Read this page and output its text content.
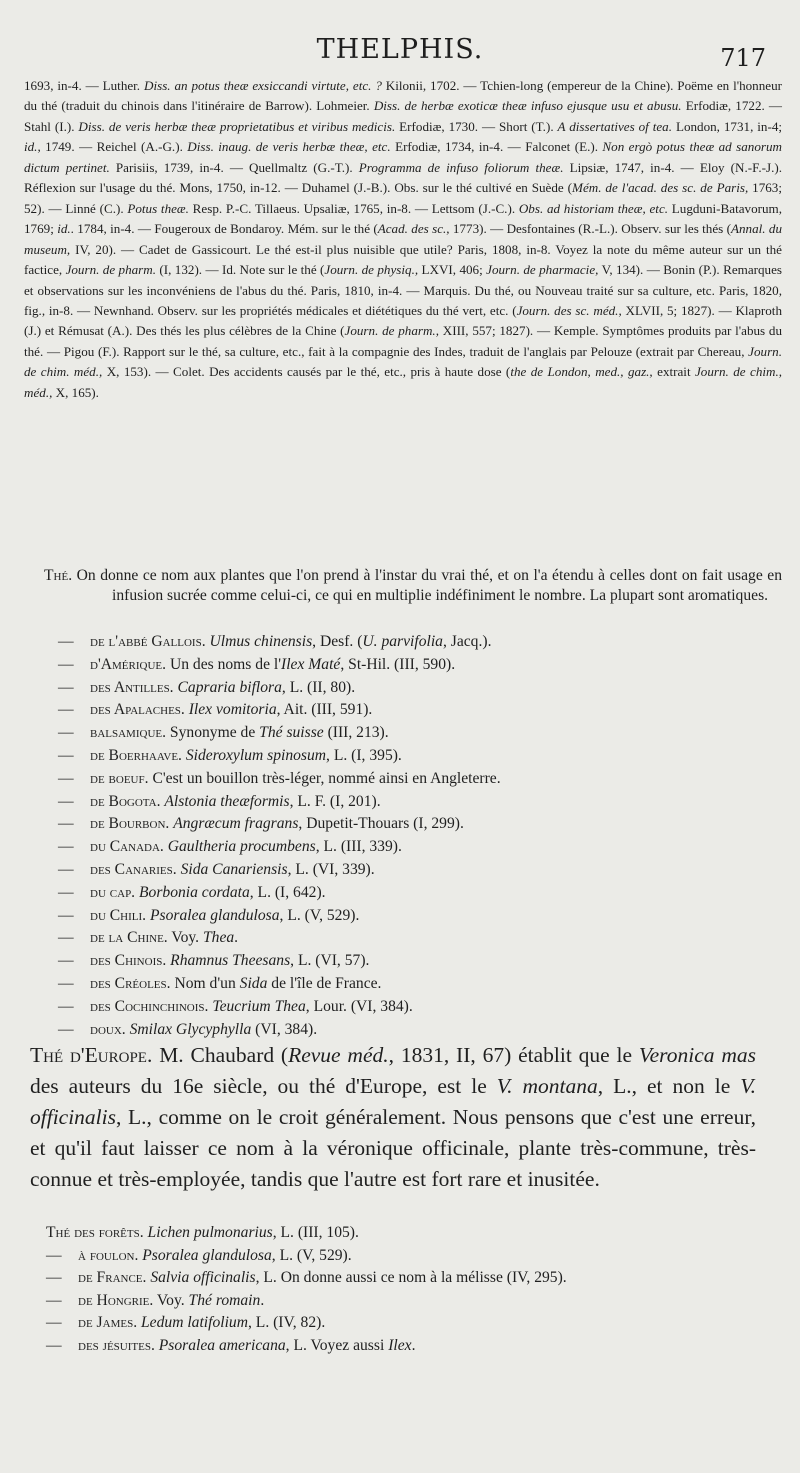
THELPHIS.	717
1693, in-4. — Luther. Diss. an potus theæ exsiccandi virtute, etc. ? Kilonii, 1702. — Tchien-long (empereur de la Chine). Poëme en l'honneur du thé (traduit du chinois dans l'itinéraire de Barrow). Lohmeier. Diss. de herbæ exoticæ theæ infuso ejusque usu et abusu. Erfodiæ, 1722. — Stahl (I.). Diss. de veris herbæ theæ proprietatibus et viribus medicis. Erfodiæ, 1730. — Short (T.). A dissertatives of tea. London, 1731, in-4; id., 1749. — Reichel (A.-G.). Diss. inaug. de veris herbæ theæ, etc. Erfodiæ, 1734, in-4. — Falconet (E.). Non ergò potus theæ ad sanorum dictum pertinet. Parisiis, 1739, in-4. — Quellmaltz (G.-T.). Programma de infuso foliorum theæ. Lipsiæ, 1747, in-4. — Eloy (N.-F.-J.). Réflexion sur l'usage du thé. Mons, 1750, in-12. — Duhamel (J.-B.). Obs. sur le thé cultivé en Suède (Mém. de l'acad. des sc. de Paris, 1763; 52). — Linné (C.). Potus theæ. Resp. P.-C. Tillaeus. Upsaliæ, 1765, in-8. — Lettsom (J.-C.). Obs. ad historiam theæ, etc. Lugduni-Batavorum, 1769; id.. 1784, in-4. — Fougeroux de Bondaroy. Mém. sur le thé (Acad. des sc., 1773). — Desfontaines (R.-L.). Observ. sur les thés (Annal. du museum, IV, 20). — Cadet de Gassicourt. Le thé est-il plus nuisible que utile? Paris, 1808, in-8. Voyez la note du même auteur sur un thé factice, Journ. de pharm. (I, 132). — Id. Note sur le thé (Journ. de physiq., LXVI, 406; Journ. de pharmacie, V, 134). — Bonin (P.). Remarques et observations sur les inconvéniens de l'abus du thé. Paris, 1810, in-4. — Marquis. Du thé, ou Nouveau traité sur sa culture, etc. Paris, 1820, fig., in-8. — Newnhand. Observ. sur les propriétés médicales et diététiques du thé vert, etc. (Journ. des sc. méd., XLVII, 5; 1827). — Klaproth (J.) et Rémusat (A.). Des thés les plus célèbres de la Chine (Journ. de pharm., XIII, 557; 1827). — Kemple. Symptômes produits par l'abus du thé. — Pigou (F.). Rapport sur le thé, sa culture, etc., fait à la compagnie des Indes, traduit de l'anglais par Pelouze (extrait par Chereau, Journ. de chim. méd., X, 153). — Colet. Des accidents causés par le thé, etc., pris à haute dose (the de London, med., gaz., extrait Journ. de chim., méd., X, 165).
Thé. On donne ce nom aux plantes que l'on prend à l'instar du vrai thé, et on l'a étendu à celles dont on fait usage en infusion sucrée comme celui-ci, ce qui en multiplie indéfiniment le nombre. La plupart sont aromatiques.
— de l'abbé Gallois. Ulmus chinensis, Desf. (U. parvifolia, Jacq.).
— d'Amérique. Un des noms de l'Ilex Maté, St-Hil. (III, 590).
— des Antilles. Capraria biflora, L. (II, 80).
— des Apalaches. Ilex vomitoria, Ait. (III, 591).
— balsamique. Synonyme de Thé suisse (III, 213).
— de Boerhaave. Sideroxylum spinosum, L. (I, 395).
— de boeuf. C'est un bouillon très-léger, nommé ainsi en Angleterre.
— de Bogota. Alstonia theæformis, L. F. (I, 201).
— de Bourbon. Angræcum fragrans, Dupetit-Thouars (I, 299).
— du Canada. Gaultheria procumbens, L. (III, 339).
— des Canaries. Sida Canariensis, L. (VI, 339).
— du cap. Borbonia cordata, L. (I, 642).
— du Chili. Psoralea glandulosa, L. (V, 529).
— de la Chine. Voy. Thea.
— des Chinois. Rhamnus Theesans, L. (VI, 57).
— des Créoles. Nom d'un Sida de l'île de France.
— des Cochinchinois. Teucrium Thea, Lour. (VI, 384).
— doux. Smilax Glycyphylla (VI, 384).
Thé d'Europe. M. Chaubard (Revue méd., 1831, II, 67) établit que le Veronica mas des auteurs du 16e siècle, ou thé d'Europe, est le V. montana, L., et non le V. officinalis, L., comme on le croit généralement. Nous pensons que c'est une erreur, et qu'il faut laisser ce nom à la véronique officinale, plante très-commune, très-connue et très-employée, tandis que l'autre est fort rare et inusitée.
Thé des forêts. Lichen pulmonarius, L. (III, 105).
— à foulon. Psoralea glandulosa, L. (V, 529).
— de France. Salvia officinalis, L. On donne aussi ce nom à la mélisse (IV, 295).
— de Hongrie. Voy. Thé romain.
— de James. Ledum latifolium, L. (IV, 82).
— des jésuites. Psoralea americana, L. Voyez aussi Ilex.
